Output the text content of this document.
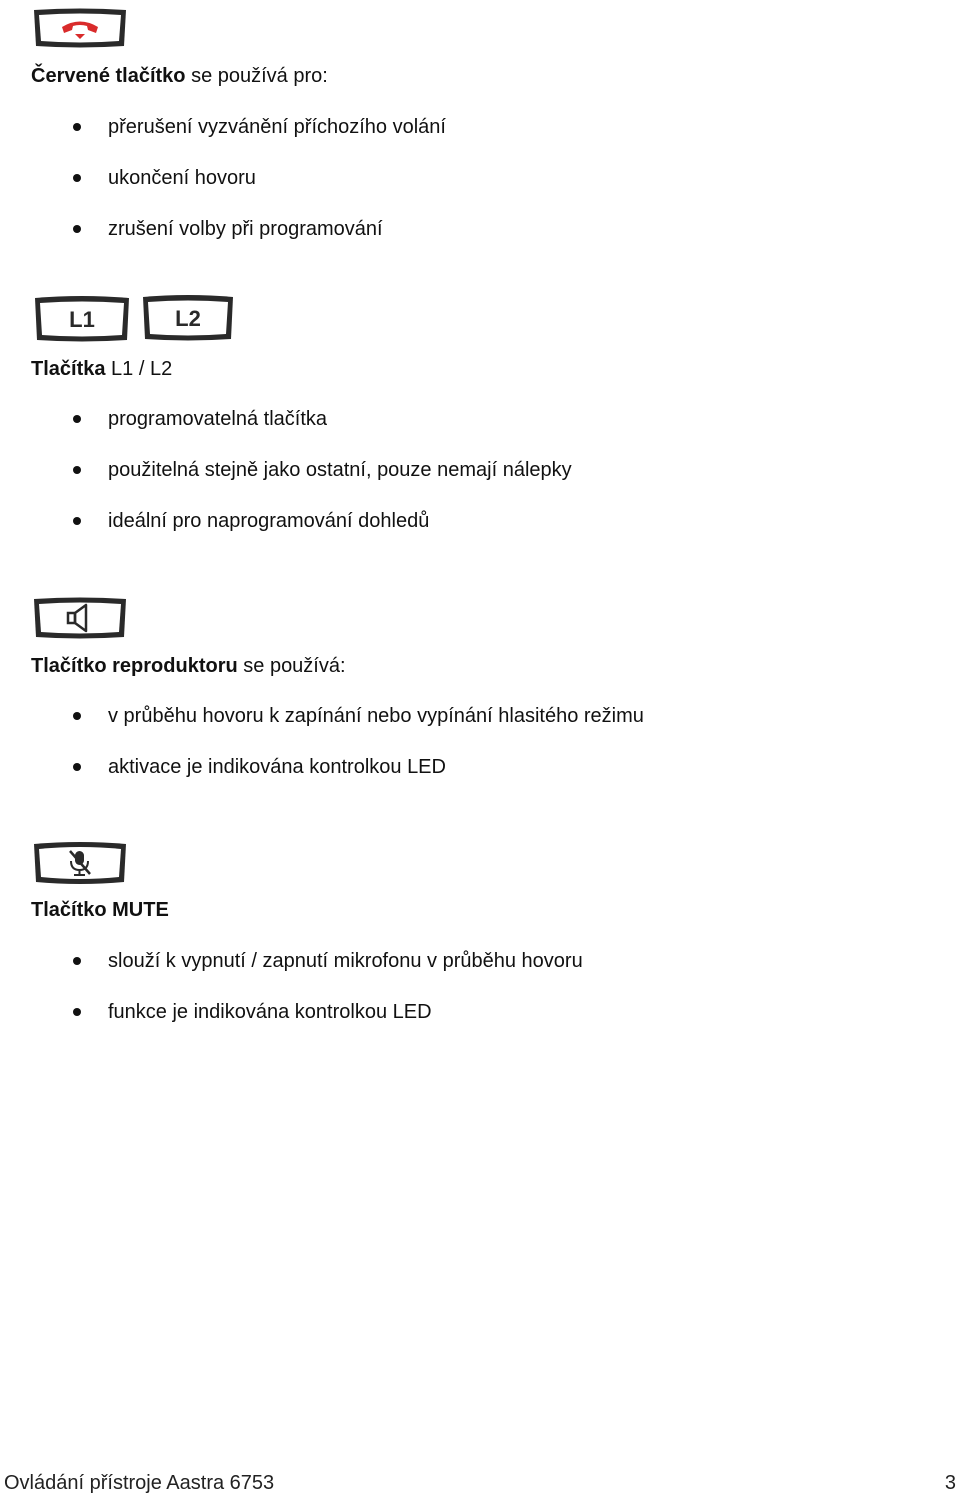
Červené tlačítko se používá pro:
přerušení vyzvánění příchozího volání
ukončení hovoru
zrušení volby při programování
L1	L2
Tlačítka L1 / L2
programovatelná tlačítka
použitelná stejně jako ostatní, pouze nemají nálepky
ideální pro naprogramování dohledů
Tlačítko reproduktoru se používá:
v průběhu hovoru k zapínání nebo vypínání hlasitého režimu
aktivace je indikována kontrolkou LED
Tlačítko MUTE
slouží k vypnutí / zapnutí mikrofonu v průběhu hovoru
funkce je indikována kontrolkou LED
Ovládání přístroje Aastra 6753	3
